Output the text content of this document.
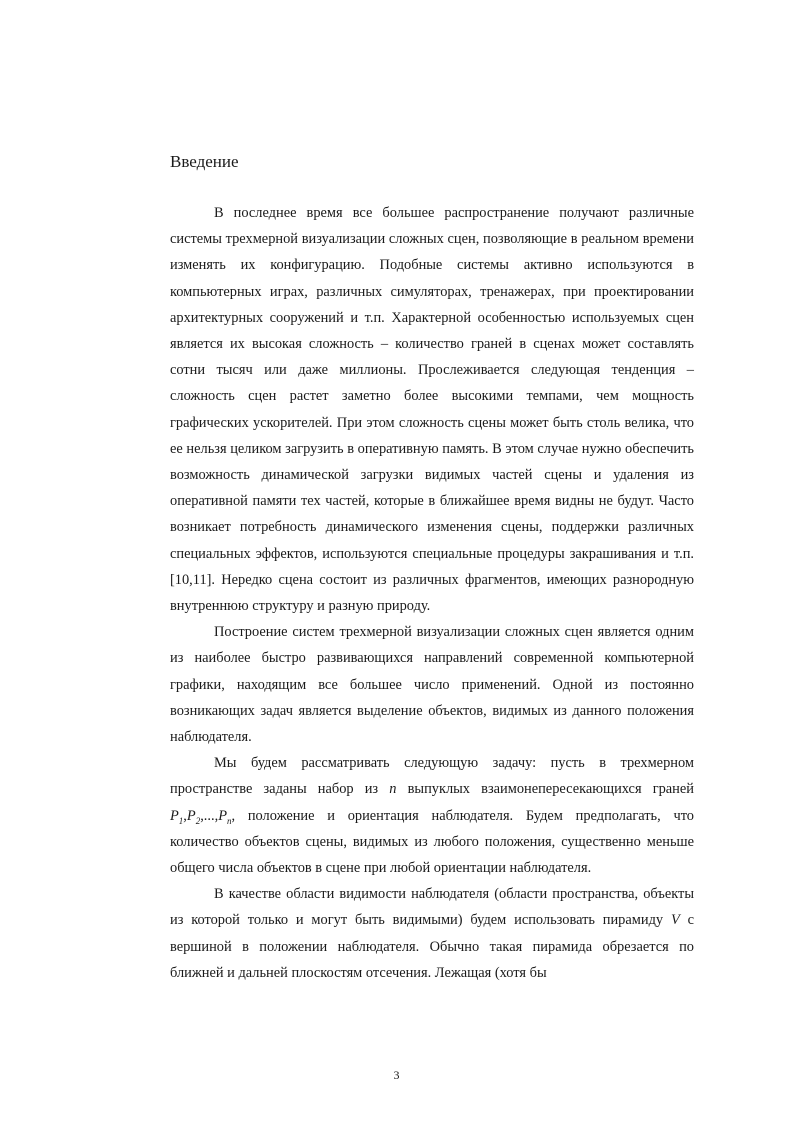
Введение

В последнее время все большее распространение получают различные системы трехмерной визуализации сложных сцен, позволяющие в реальном времени изменять их конфигурацию. Подобные системы активно используются в компьютерных играх, различных симуляторах, тренажерах, при проектировании архитектурных сооружений и т.п. Характерной особенностью используемых сцен является их высокая сложность – количество граней в сценах может составлять сотни тысяч или даже миллионы. Прослеживается следующая тенденция – сложность сцен растет заметно более высокими темпами, чем мощность графических ускорителей. При этом сложность сцены может быть столь велика, что ее нельзя целиком загрузить в оперативную память. В этом случае нужно обеспечить возможность динамической загрузки видимых частей сцены и удаления из оперативной памяти тех частей, которые в ближайшее время видны не будут. Часто возникает потребность динамического изменения сцены, поддержки различных специальных эффектов, используются специальные процедуры закрашивания и т.п. [10,11]. Нередко сцена состоит из различных фрагментов, имеющих разнородную внутреннюю структуру и разную природу.

Построение систем трехмерной визуализации сложных сцен является одним из наиболее быстро развивающихся направлений современной компьютерной графики, находящим все большее число применений. Одной из постоянно возникающих задач является выделение объектов, видимых из данного положения наблюдателя.

Мы будем рассматривать следующую задачу: пусть в трехмерном пространстве заданы набор из n выпуклых взаимонепересекающихся граней $P_1,P_2,...,P_n$, положение и ориентация наблюдателя. Будем предполагать, что количество объектов сцены, видимых из любого положения, существенно меньше общего числа объектов в сцене при любой ориентации наблюдателя.

В качестве области видимости наблюдателя (области пространства, объекты из которой только и могут быть видимыми) будем использовать пирамиду V с вершиной в положении наблюдателя. Обычно такая пирамида обрезается по ближней и дальней плоскостям отсечения. Лежащая (хотя бы

3
